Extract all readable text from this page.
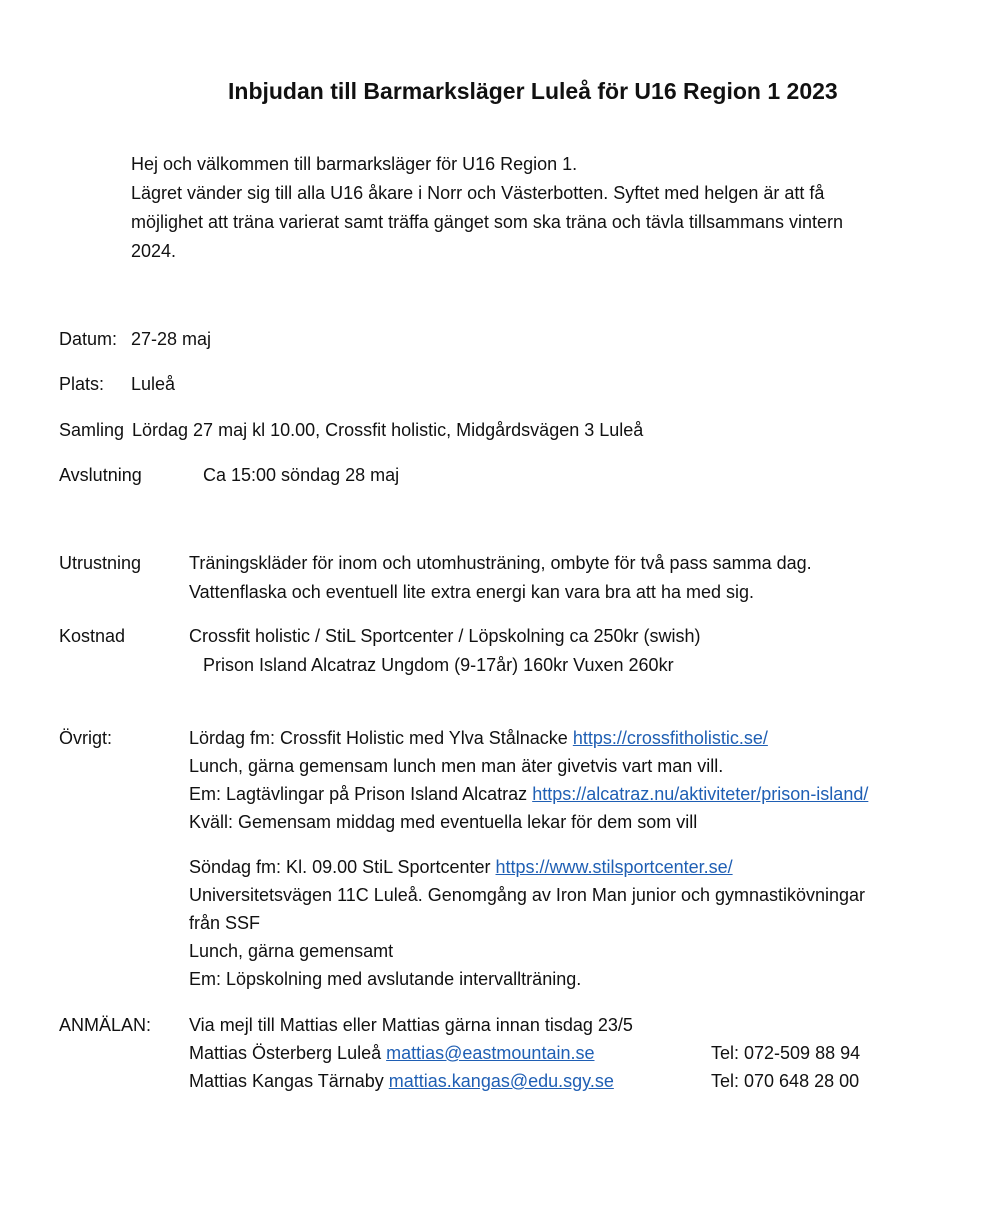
Inbjudan till Barmarksläger Luleå för U16 Region 1 2023
Hej och välkommen till barmarksläger för U16 Region 1.
Lägret vänder sig till alla U16 åkare i Norr och Västerbotten. Syftet med helgen är att få
möjlighet att träna varierat samt träffa gänget som ska träna och tävla tillsammans vintern
2024.
Datum: 27-28 maj
Plats: Luleå
Samling Lördag 27 maj kl 10.00, Crossfit holistic, Midgårdsvägen 3 Luleå
Avslutning	Ca 15:00 söndag 28 maj
Utrustning	Träningskläder för inom och utomhusträning, ombyte för två pass samma dag.
Vattenflaska och eventuell lite extra energi kan vara bra att ha med sig.
Kostnad	Crossfit holistic / StiL Sportcenter / Löpskolning ca 250kr (swish)
Prison Island Alcatraz Ungdom (9-17år) 160kr Vuxen 260kr
Övrigt:	Lördag fm: Crossfit Holistic med Ylva Stålnacke https://crossfitholistic.se/
Lunch, gärna gemensam lunch men man äter givetvis vart man vill.
Em: Lagtävlingar på Prison Island Alcatraz https://alcatraz.nu/aktiviteter/prison-island/
Kväll: Gemensam middag med eventuella lekar för dem som vill
Söndag fm: Kl. 09.00 StiL Sportcenter https://www.stilsportcenter.se/
Universitetsvägen 11C Luleå. Genomgång av Iron Man junior och gymnastikövningar
från SSF
Lunch, gärna gemensamt
Em: Löpskolning med avslutande intervallträning.
ANMÄLAN: Via mejl till Mattias eller Mattias gärna innan tisdag 23/5
Mattias Österberg Luleå mattias@eastmountain.se	Tel: 072-509 88 94
Mattias Kangas Tärnaby mattias.kangas@edu.sgy.se	Tel: 070 648 28 00
